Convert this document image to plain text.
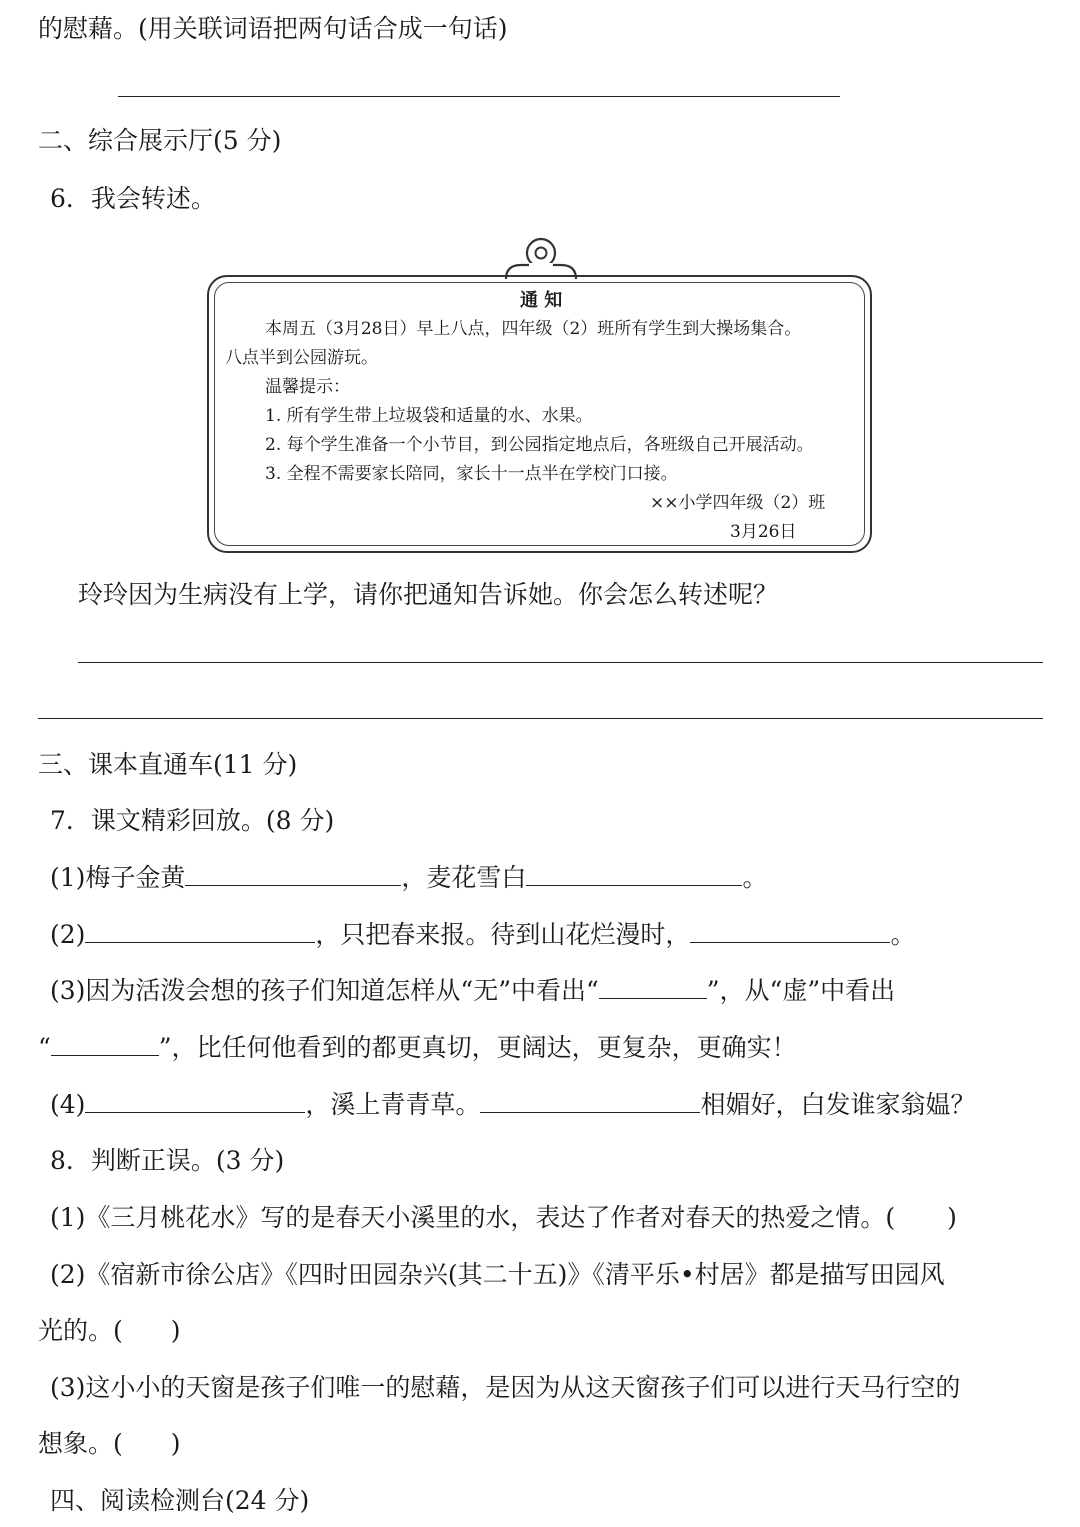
的慰藉。(用关联词语把两句话合成一句话)
二、综合展示厅(5 分)
6．我会转述。
通 知
本周五（3月28日）早上八点，四年级（2）班所有学生到大操场集合。
八点半到公园游玩。
温馨提示：
1. 所有学生带上垃圾袋和适量的水、水果。
2. 每个学生准备一个小节目，到公园指定地点后，各班级自己开展活动。
3. 全程不需要家长陪同，家长十一点半在学校门口接。
××小学四年级（2）班
3月26日
玲玲因为生病没有上学，请你把通知告诉她。你会怎么转述呢？
三、课本直通车(11 分)
7．课文精彩回放。(8 分)
(1)梅子金黄	，麦花雪白	。
(2)	，只把春来报。待到山花烂漫时，	。
(3)因为活泼会想的孩子们知道怎样从“无”中看出“	”，从“虚”中看出
“	”，比任何他看到的都更真切，更阔达，更复杂，更确实！
(4)	，溪上青青草。	相媚好，白发谁家翁媪？
8．判断正误。(3 分)
(1)《三月桃花水》写的是春天小溪里的水，表达了作者对春天的热爱之情。( )
(2)《宿新市徐公店》《四时田园杂兴(其二十五)》《清平乐•村居》都是描写田园风
光的。( )
(3)这小小的天窗是孩子们唯一的慰藉，是因为从这天窗孩子们可以进行天马行空的
想象。( )
四、阅读检测台(24 分)
